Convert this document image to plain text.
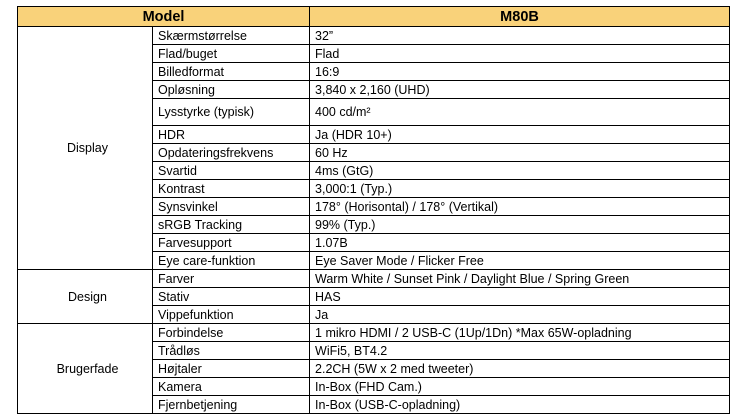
Model		M80B
Display	Skærmstørrelse	32”
	Flad/buget	Flad
	Billedformat	16:9
	Opløsning	3,840 x 2,160 (UHD)
	Lysstyrke (typisk)	400 cd/m²
	HDR	Ja (HDR 10+)
	Opdateringsfrekvens	60 Hz
	Svartid	4ms (GtG)
	Kontrast	3,000:1 (Typ.)
	Synsvinkel	178° (Horisontal) / 178° (Vertikal)
	sRGB Tracking	99% (Typ.)
	Farvesupport	1.07B
	Eye care-funktion	Eye Saver Mode / Flicker Free
Design	Farver	Warm White / Sunset Pink / Daylight Blue / Spring Green
	Stativ	HAS
	Vippefunktion	Ja
Brugerfade	Forbindelse	1 mikro HDMI / 2 USB-C (1Up/1Dn) *Max 65W-opladning
	Trådløs	WiFi5, BT4.2
	Højtaler	2.2CH (5W x 2 med tweeter)
	Kamera	In-Box (FHD Cam.)
	Fjernbetjening	In-Box (USB-C-opladning)
